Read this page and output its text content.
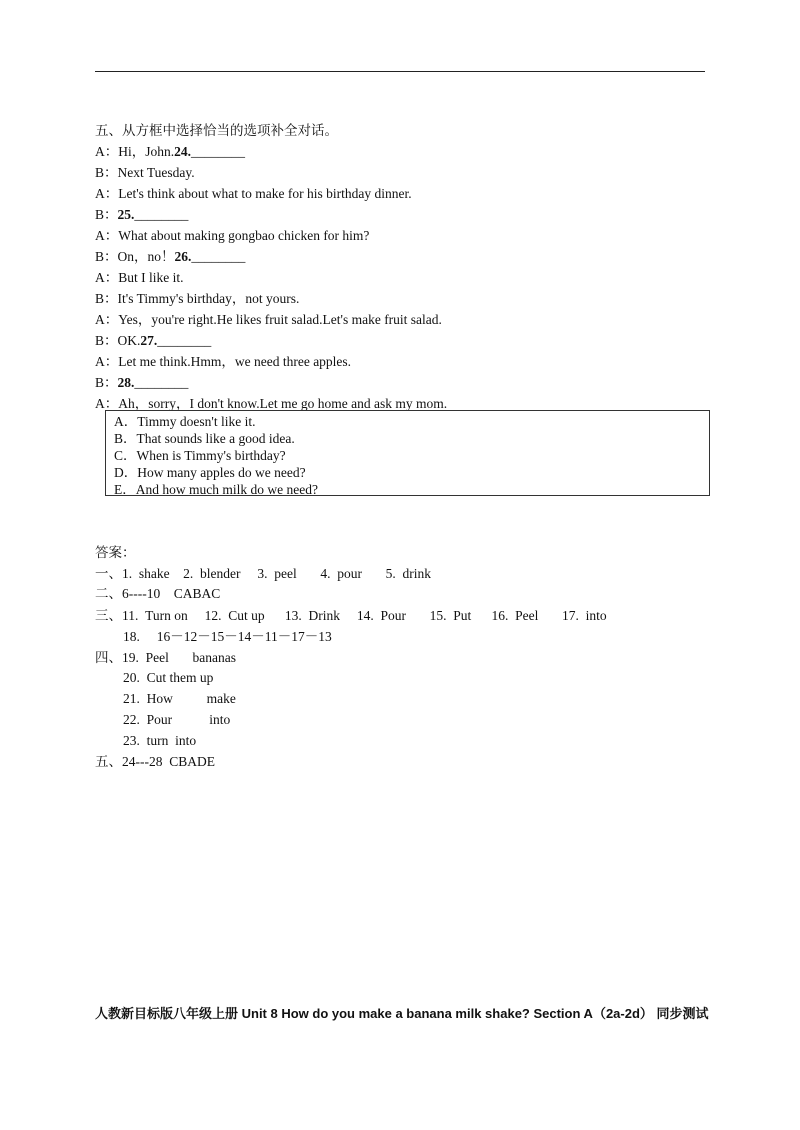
五、从方框中选择恰当的选项补全对话。
A：Hi，John.24.________
B：Next Tuesday.
A：Let's think about what to make for his birthday dinner.
B：25.________
A：What about making gongbao chicken for him?
B：On，no！26.________
A：But I like it.
B：It's Timmy's birthday，not yours.
A：Yes，you're right.He likes fruit salad.Let's make fruit salad.
B：OK.27.________
A：Let me think.Hmm，we need three apples.
B：28.________
A：Ah，sorry，I don't know.Let me go home and ask my mom.
A．Timmy doesn't like it.
B．That sounds like a good idea.
C．When is Timmy's birthday?
D．How many apples do we need?
E．And how much milk do we need?
答案：
一、1.  shake    2.  blender     3.  peel       4.  pour       5.  drink
二、6----10    CABAC
三、11.  Turn on     12.  Cut up      13.  Drink     14.  Pour       15.  Put      16.  Peel       17.  into
18.     16－12－15－14－11－17－13
四、19.  Peel       bananas
20.  Cut them up
21.  How          make
22.  Pour           into
23.  turn  into
五、24---28  CBADE
人教新目标版八年级上册 Unit 8 How do you make a banana milk shake? Section A（2a-2d） 同步测试
